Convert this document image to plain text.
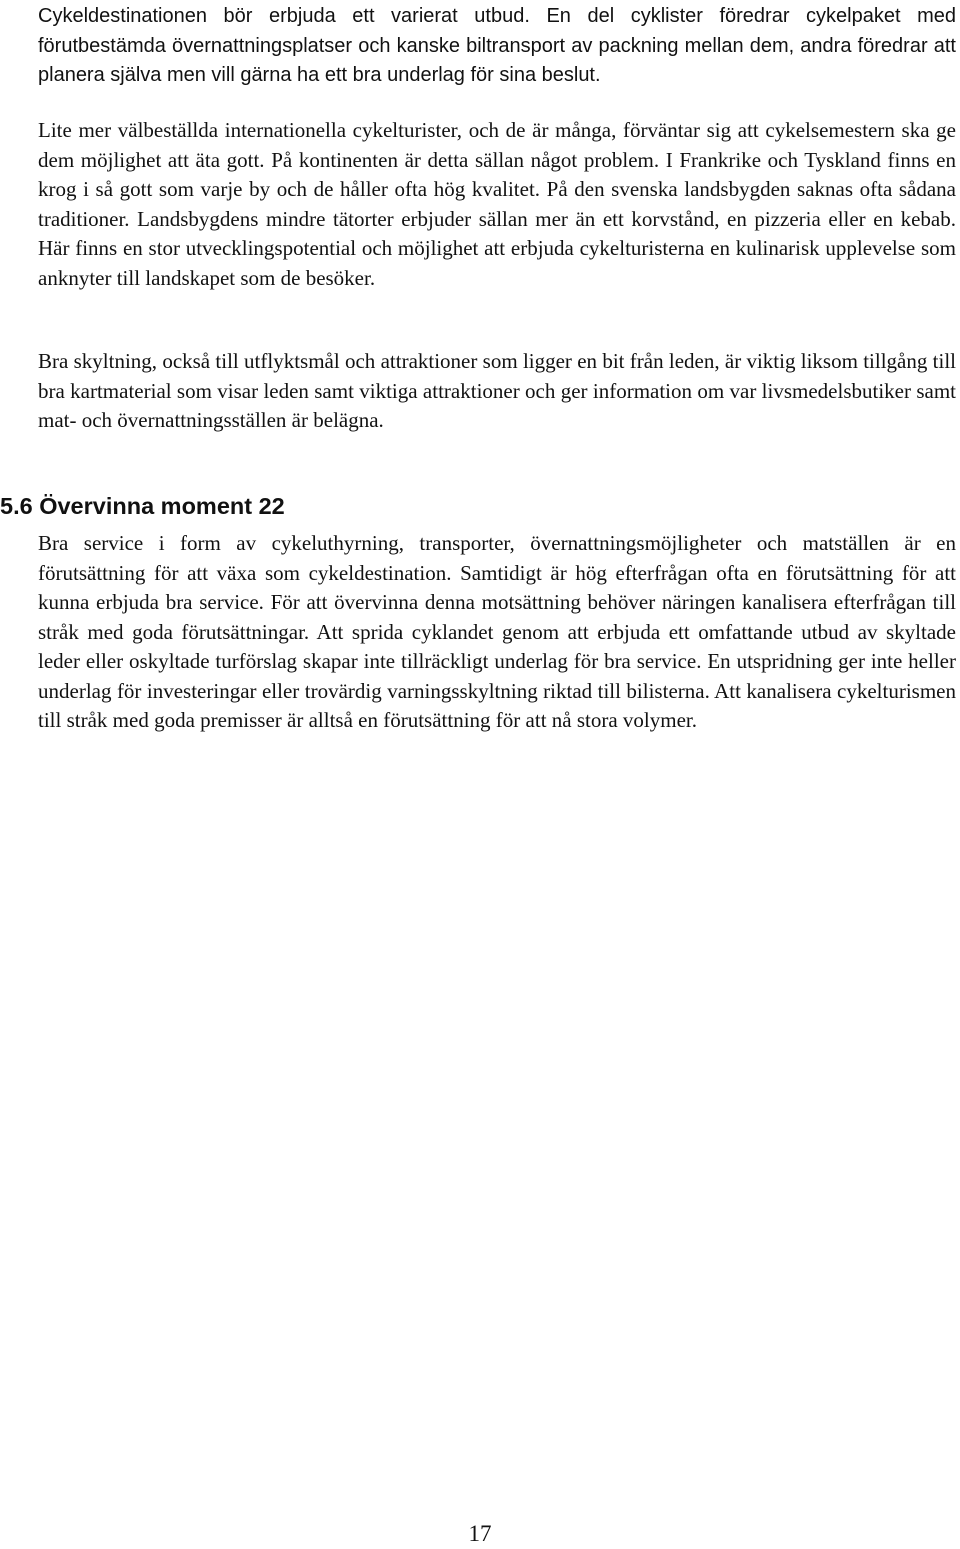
Cykeldestinationen bör erbjuda ett varierat utbud. En del cyklister föredrar cykelpaket med förutbestämda övernattningsplatser och kanske biltransport av packning mellan dem, andra föredrar att planera själva men vill gärna ha ett bra underlag för sina beslut.

Lite mer välbeställda internationella cykelturister, och de är många, förväntar sig att cykelsemestern ska ge dem möjlighet att äta gott. På kontinenten är detta sällan något problem. I Frankrike och Tyskland finns en krog i så gott som varje by och de håller ofta hög kvalitet. På den svenska landsbygden saknas ofta sådana traditioner. Landsbygdens mindre tätorter erbjuder sällan mer än ett korvstånd, en pizzeria eller en kebab. Här finns en stor utvecklingspotential och möjlighet att erbjuda cykelturisterna en kulinarisk upplevelse som anknyter till landskapet som de besöker.

Bra skyltning, också till utflyktsmål och attraktioner som ligger en bit från leden, är viktig liksom tillgång till bra kartmaterial som visar leden samt viktiga attraktioner och ger information om var livsmedelsbutiker samt mat- och övernattningsställen är belägna.

5.6 Övervinna moment 22

Bra service i form av cykeluthyrning, transporter, övernattningsmöjligheter och matställen är en förutsättning för att växa som cykeldestination. Samtidigt är hög efterfrågan ofta en förutsättning för att kunna erbjuda bra service. För att övervinna denna motsättning behöver näringen kanalisera efterfrågan till stråk med goda förutsättningar. Att sprida cyklandet genom att erbjuda ett omfattande utbud av skyltade leder eller oskyltade turförslag skapar inte tillräckligt underlag för bra service. En utspridning ger inte heller underlag för investeringar eller trovärdig varningsskyltning riktad till bilisterna. Att kanalisera cykelturismen till stråk med goda premisser är alltså en förutsättning för att nå stora volymer.

17
